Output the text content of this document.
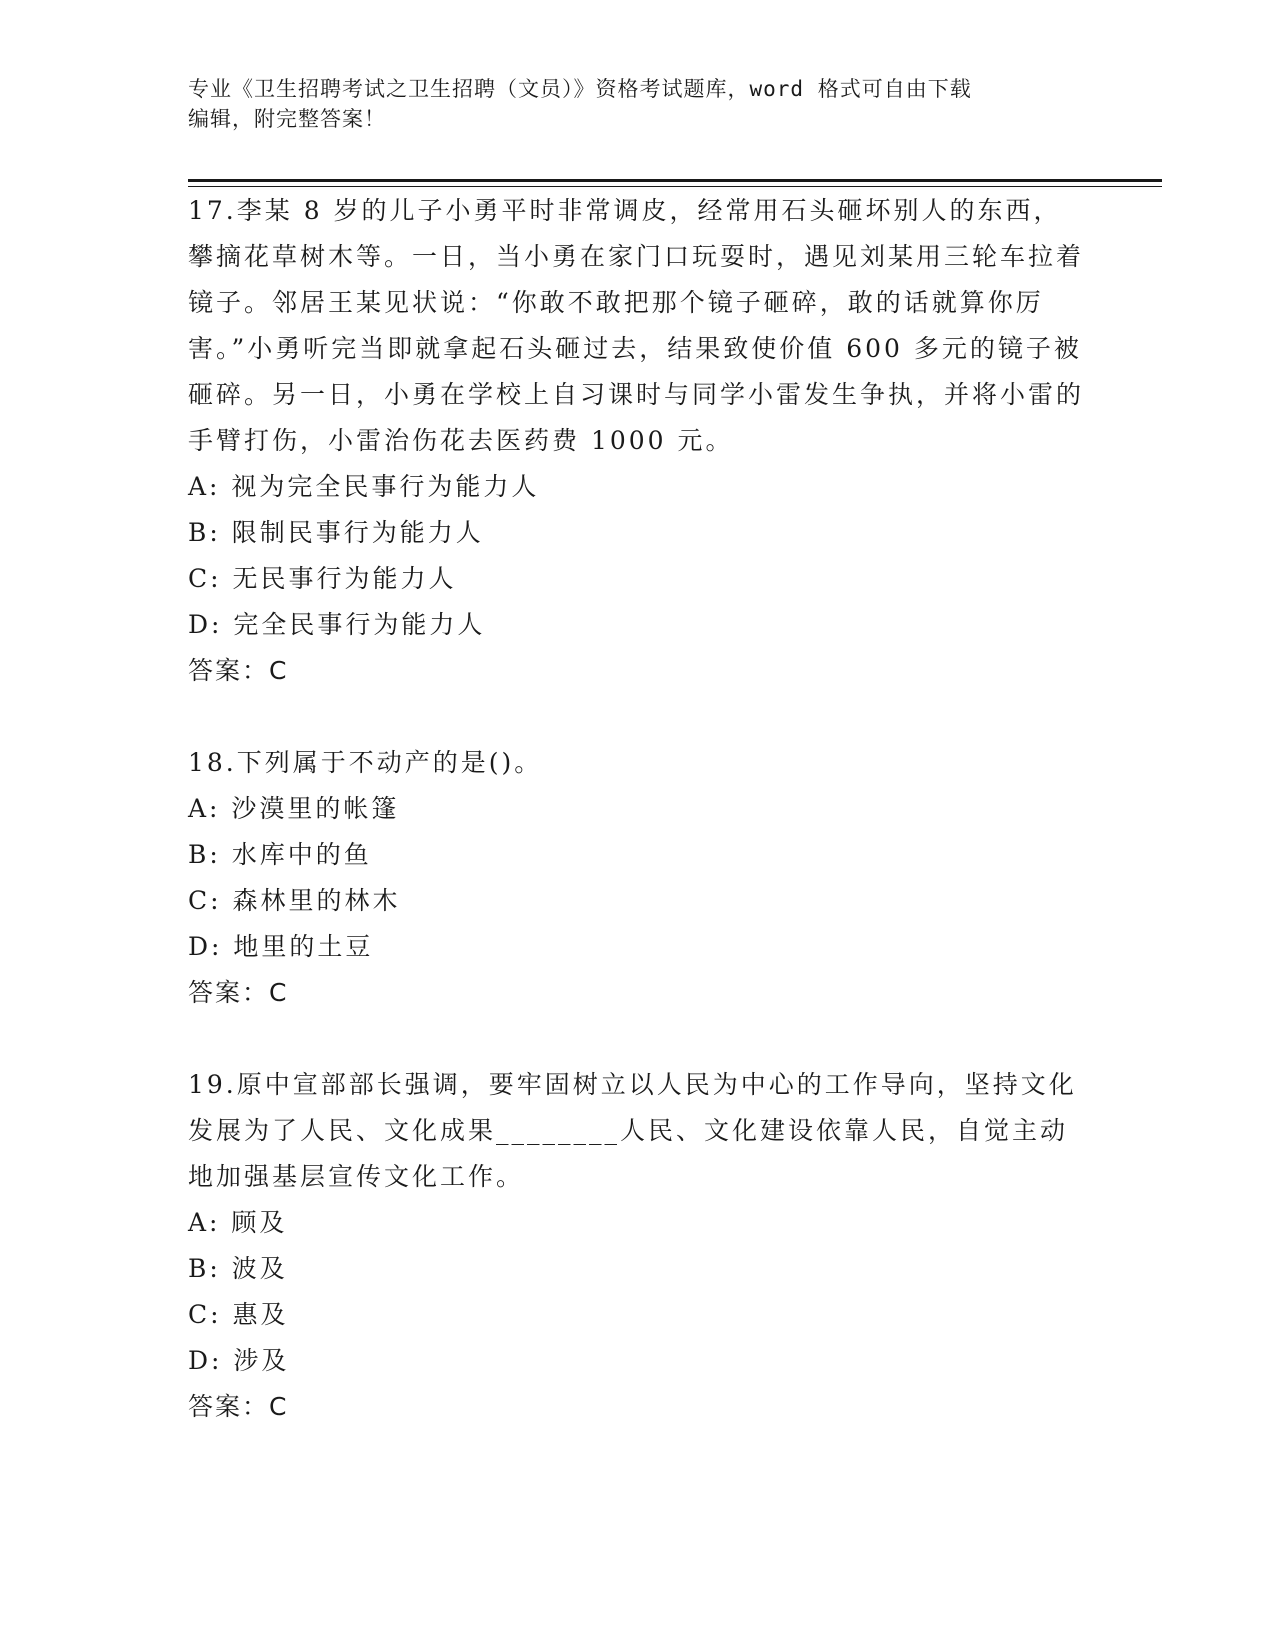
专业《卫生招聘考试之卫生招聘（文员）》资格考试题库，word 格式可自由下载
编辑，附完整答案！

17.李某 8 岁的儿子小勇平时非常调皮，经常用石头砸坏别人的东西，攀摘花草树木等。一日，当小勇在家门口玩耍时，遇见刘某用三轮车拉着镜子。邻居王某见状说：“你敢不敢把那个镜子砸碎，敢的话就算你厉害。”小勇听完当即就拿起石头砸过去，结果致使价值 600 多元的镜子被砸碎。另一日，小勇在学校上自习课时与同学小雷发生争执，并将小雷的手臂打伤，小雷治伤花去医药费 1000 元。

A: 视为完全民事行为能力人

B: 限制民事行为能力人

C: 无民事行为能力人

D: 完全民事行为能力人

答案：C

18.下列属于不动产的是()。

A: 沙漠里的帐篷

B: 水库中的鱼

C: 森林里的林木

D: 地里的土豆

答案：C

19.原中宣部部长强调，要牢固树立以人民为中心的工作导向，坚持文化发展为了人民、文化成果________人民、文化建设依靠人民，自觉主动地加强基层宣传文化工作。

A: 顾及

B: 波及

C: 惠及

D: 涉及

答案：C
